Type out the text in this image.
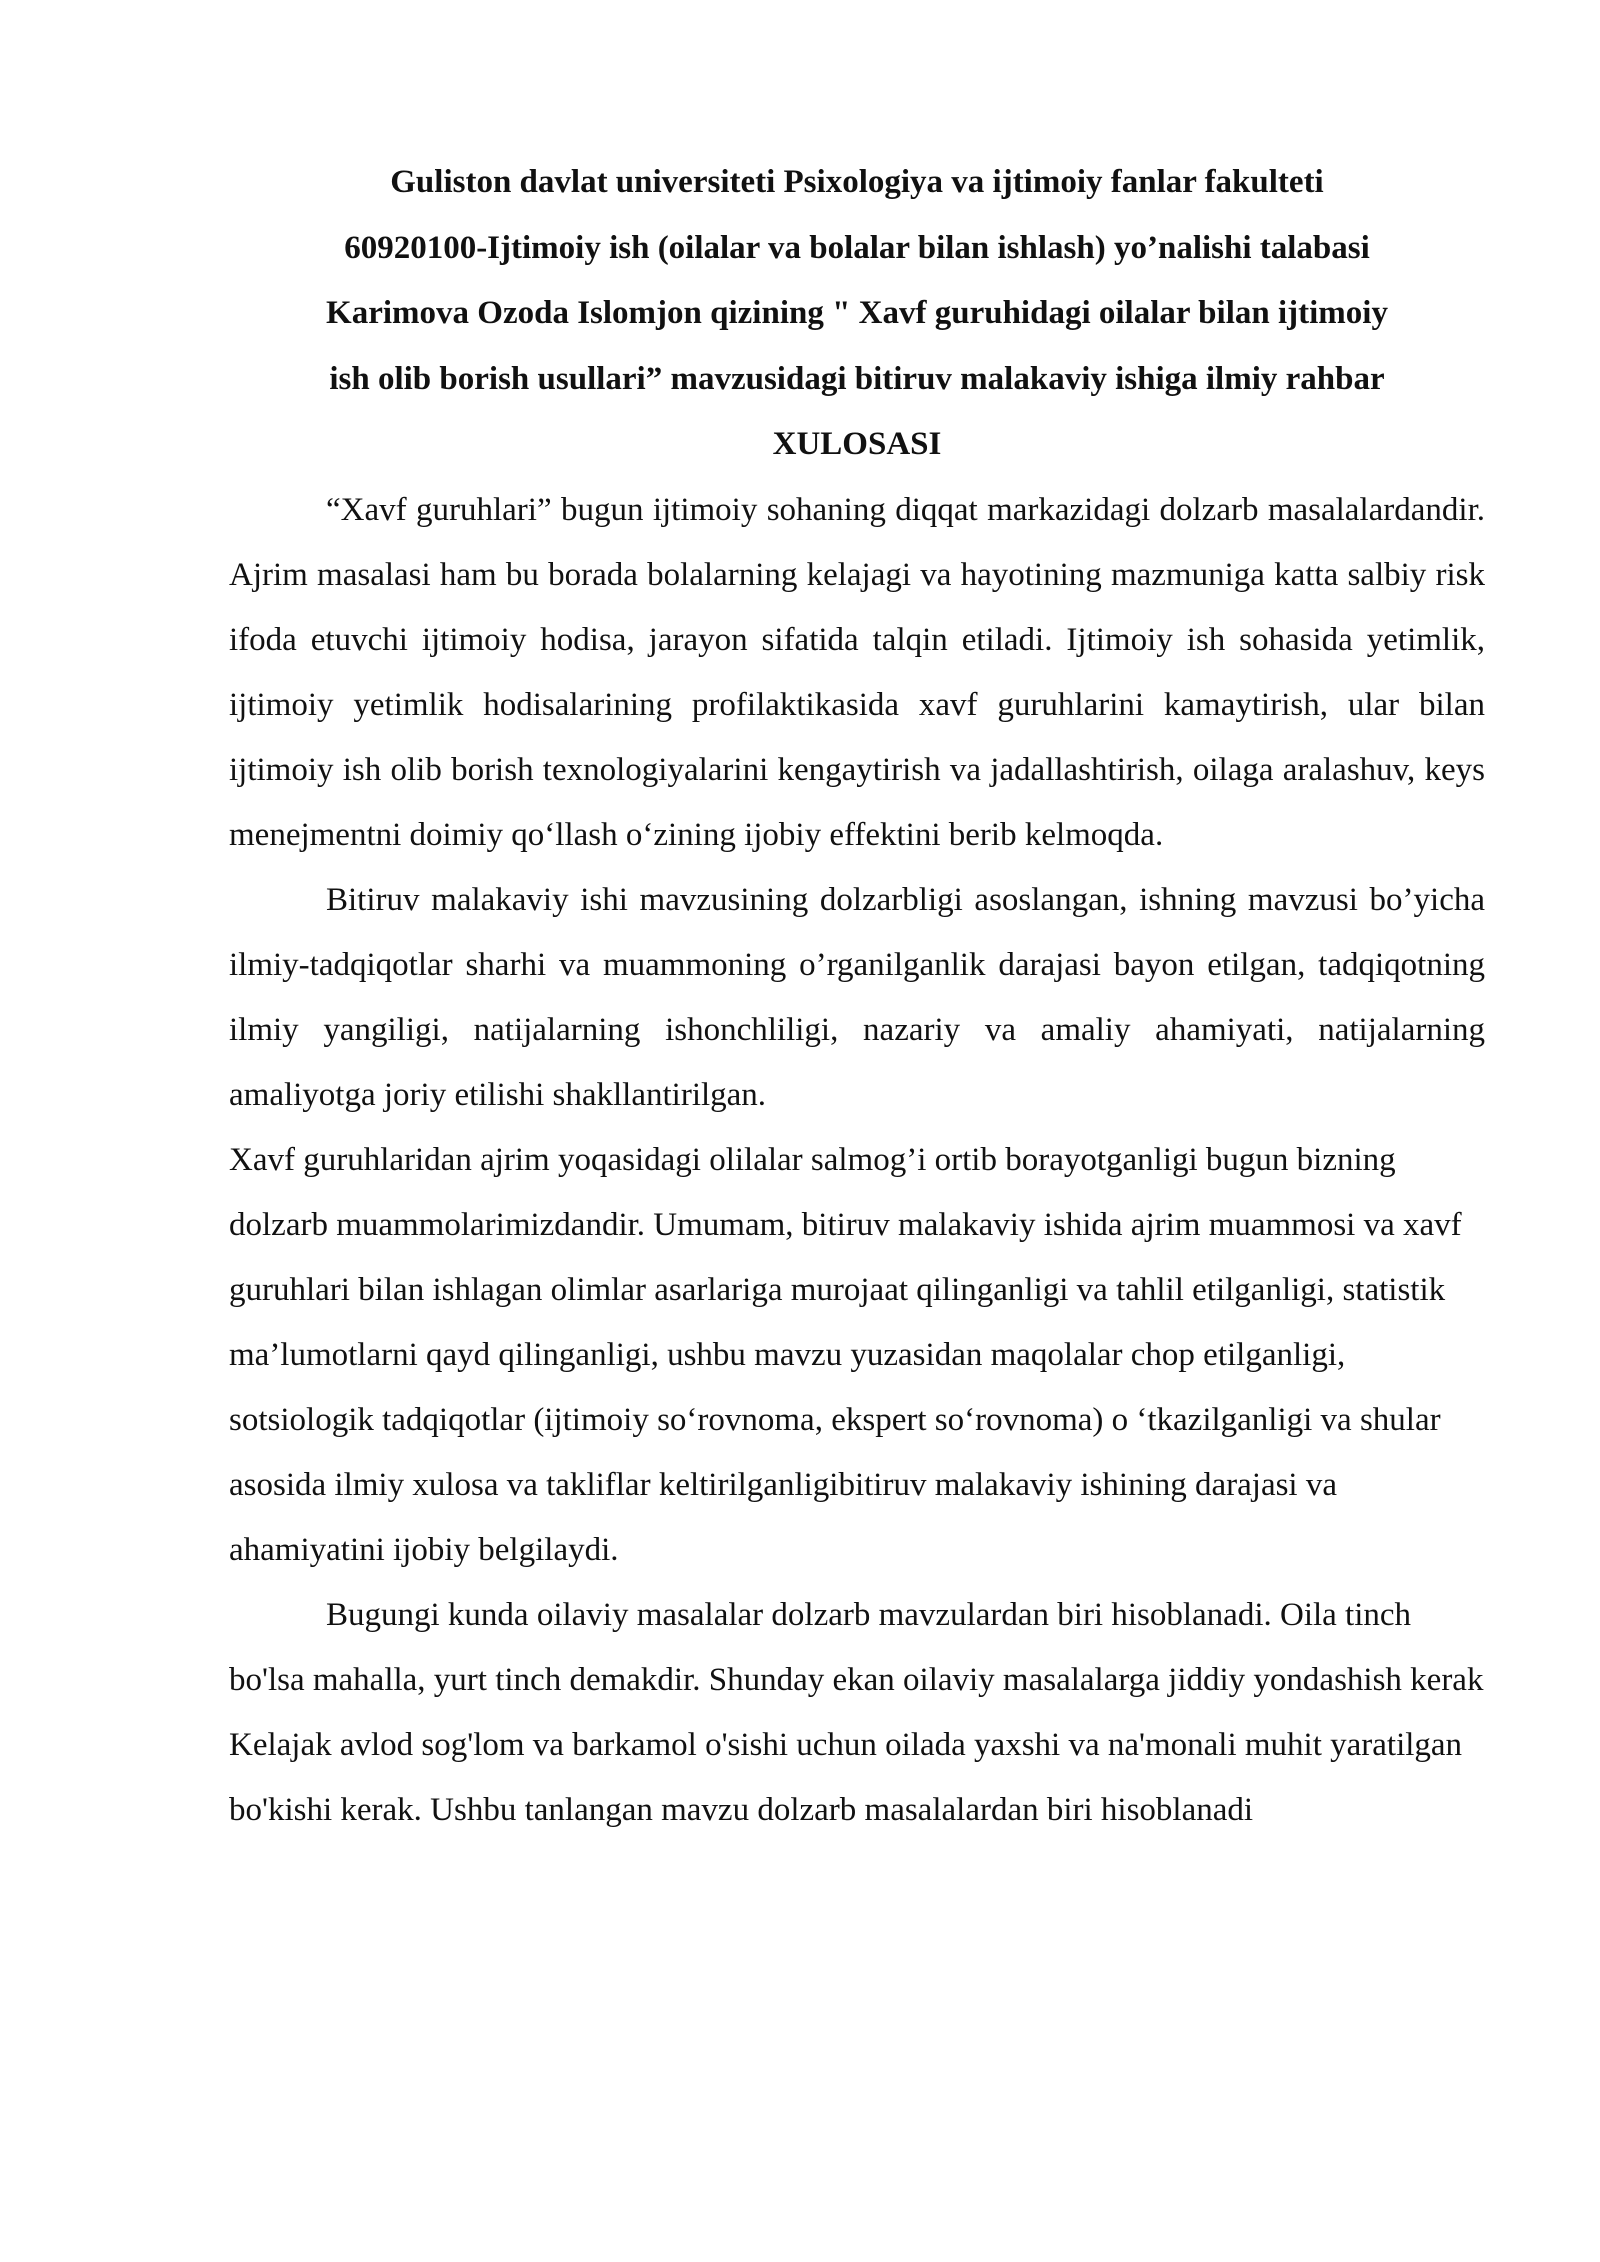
Guliston davlat universiteti Psixologiya va ijtimoiy fanlar fakulteti
60920100-Ijtimoiy ish (oilalar va bolalar bilan ishlash) yo’nalishi talabasi
Karimova Ozoda Islomjon qizining " Xavf guruhidagi oilalar bilan ijtimoiy
ish olib borish usullari” mavzusidagi bitiruv malakaviy ishiga ilmiy rahbar
XULOSASI

“Xavf guruhlari” bugun ijtimoiy sohaning diqqat markazidagi dolzarb masalalardandir. Ajrim masalasi ham bu borada bolalarning kelajagi va hayotining mazmuniga katta salbiy risk ifoda etuvchi ijtimoiy hodisa, jarayon sifatida talqin etiladi. Ijtimoiy ish sohasida yetimlik, ijtimoiy yetimlik hodisalarining profilaktikasida xavf guruhlarini kamaytirish, ular bilan ijtimoiy ish olib borish texnologiyalarini kengaytirish va jadallashtirish, oilaga aralashuv, keys menejmentni doimiy qo‘llash o‘zining ijobiy effektini berib kelmoqda.

Bitiruv malakaviy ishi mavzusining dolzarbligi asoslangan, ishning mavzusi bo’yicha ilmiy-tadqiqotlar sharhi va muammoning o’rganilganlik darajasi bayon etilgan, tadqiqotning ilmiy yangiligi, natijalarning ishonchliligi, nazariy va amaliy ahamiyati, natijalarning amaliyotga joriy etilishi shakllantirilgan.

Xavf guruhlaridan ajrim yoqasidagi olilalar salmog’i ortib borayotganligi bugun bizning dolzarb muammolarimizdandir. Umumam, bitiruv malakaviy ishida ajrim muammosi va xavf guruhlari bilan ishlagan olimlar asarlariga murojaat qilinganligi va tahlil etilganligi, statistik ma’lumotlarni qayd qilinganligi, ushbu mavzu yuzasidan maqolalar chop etilganligi, sotsiologik tadqiqotlar (ijtimoiy so‘rovnoma, ekspert so‘rovnoma) o ‘tkazilganligi va shular asosida ilmiy xulosa va takliflar keltirilganligibitiruv malakaviy ishining darajasi va ahamiyatini ijobiy belgilaydi.

Bugungi kunda oilaviy masalalar dolzarb mavzulardan biri hisoblanadi. Oila tinch bo'lsa mahalla, yurt tinch demakdir. Shunday ekan oilaviy masalalarga jiddiy yondashish kerak Kelajak avlod sog'lom va barkamol o'sishi uchun oilada yaxshi va na'monali muhit yaratilgan bo'kishi kerak. Ushbu tanlangan mavzu dolzarb masalalardan biri hisoblanadi
